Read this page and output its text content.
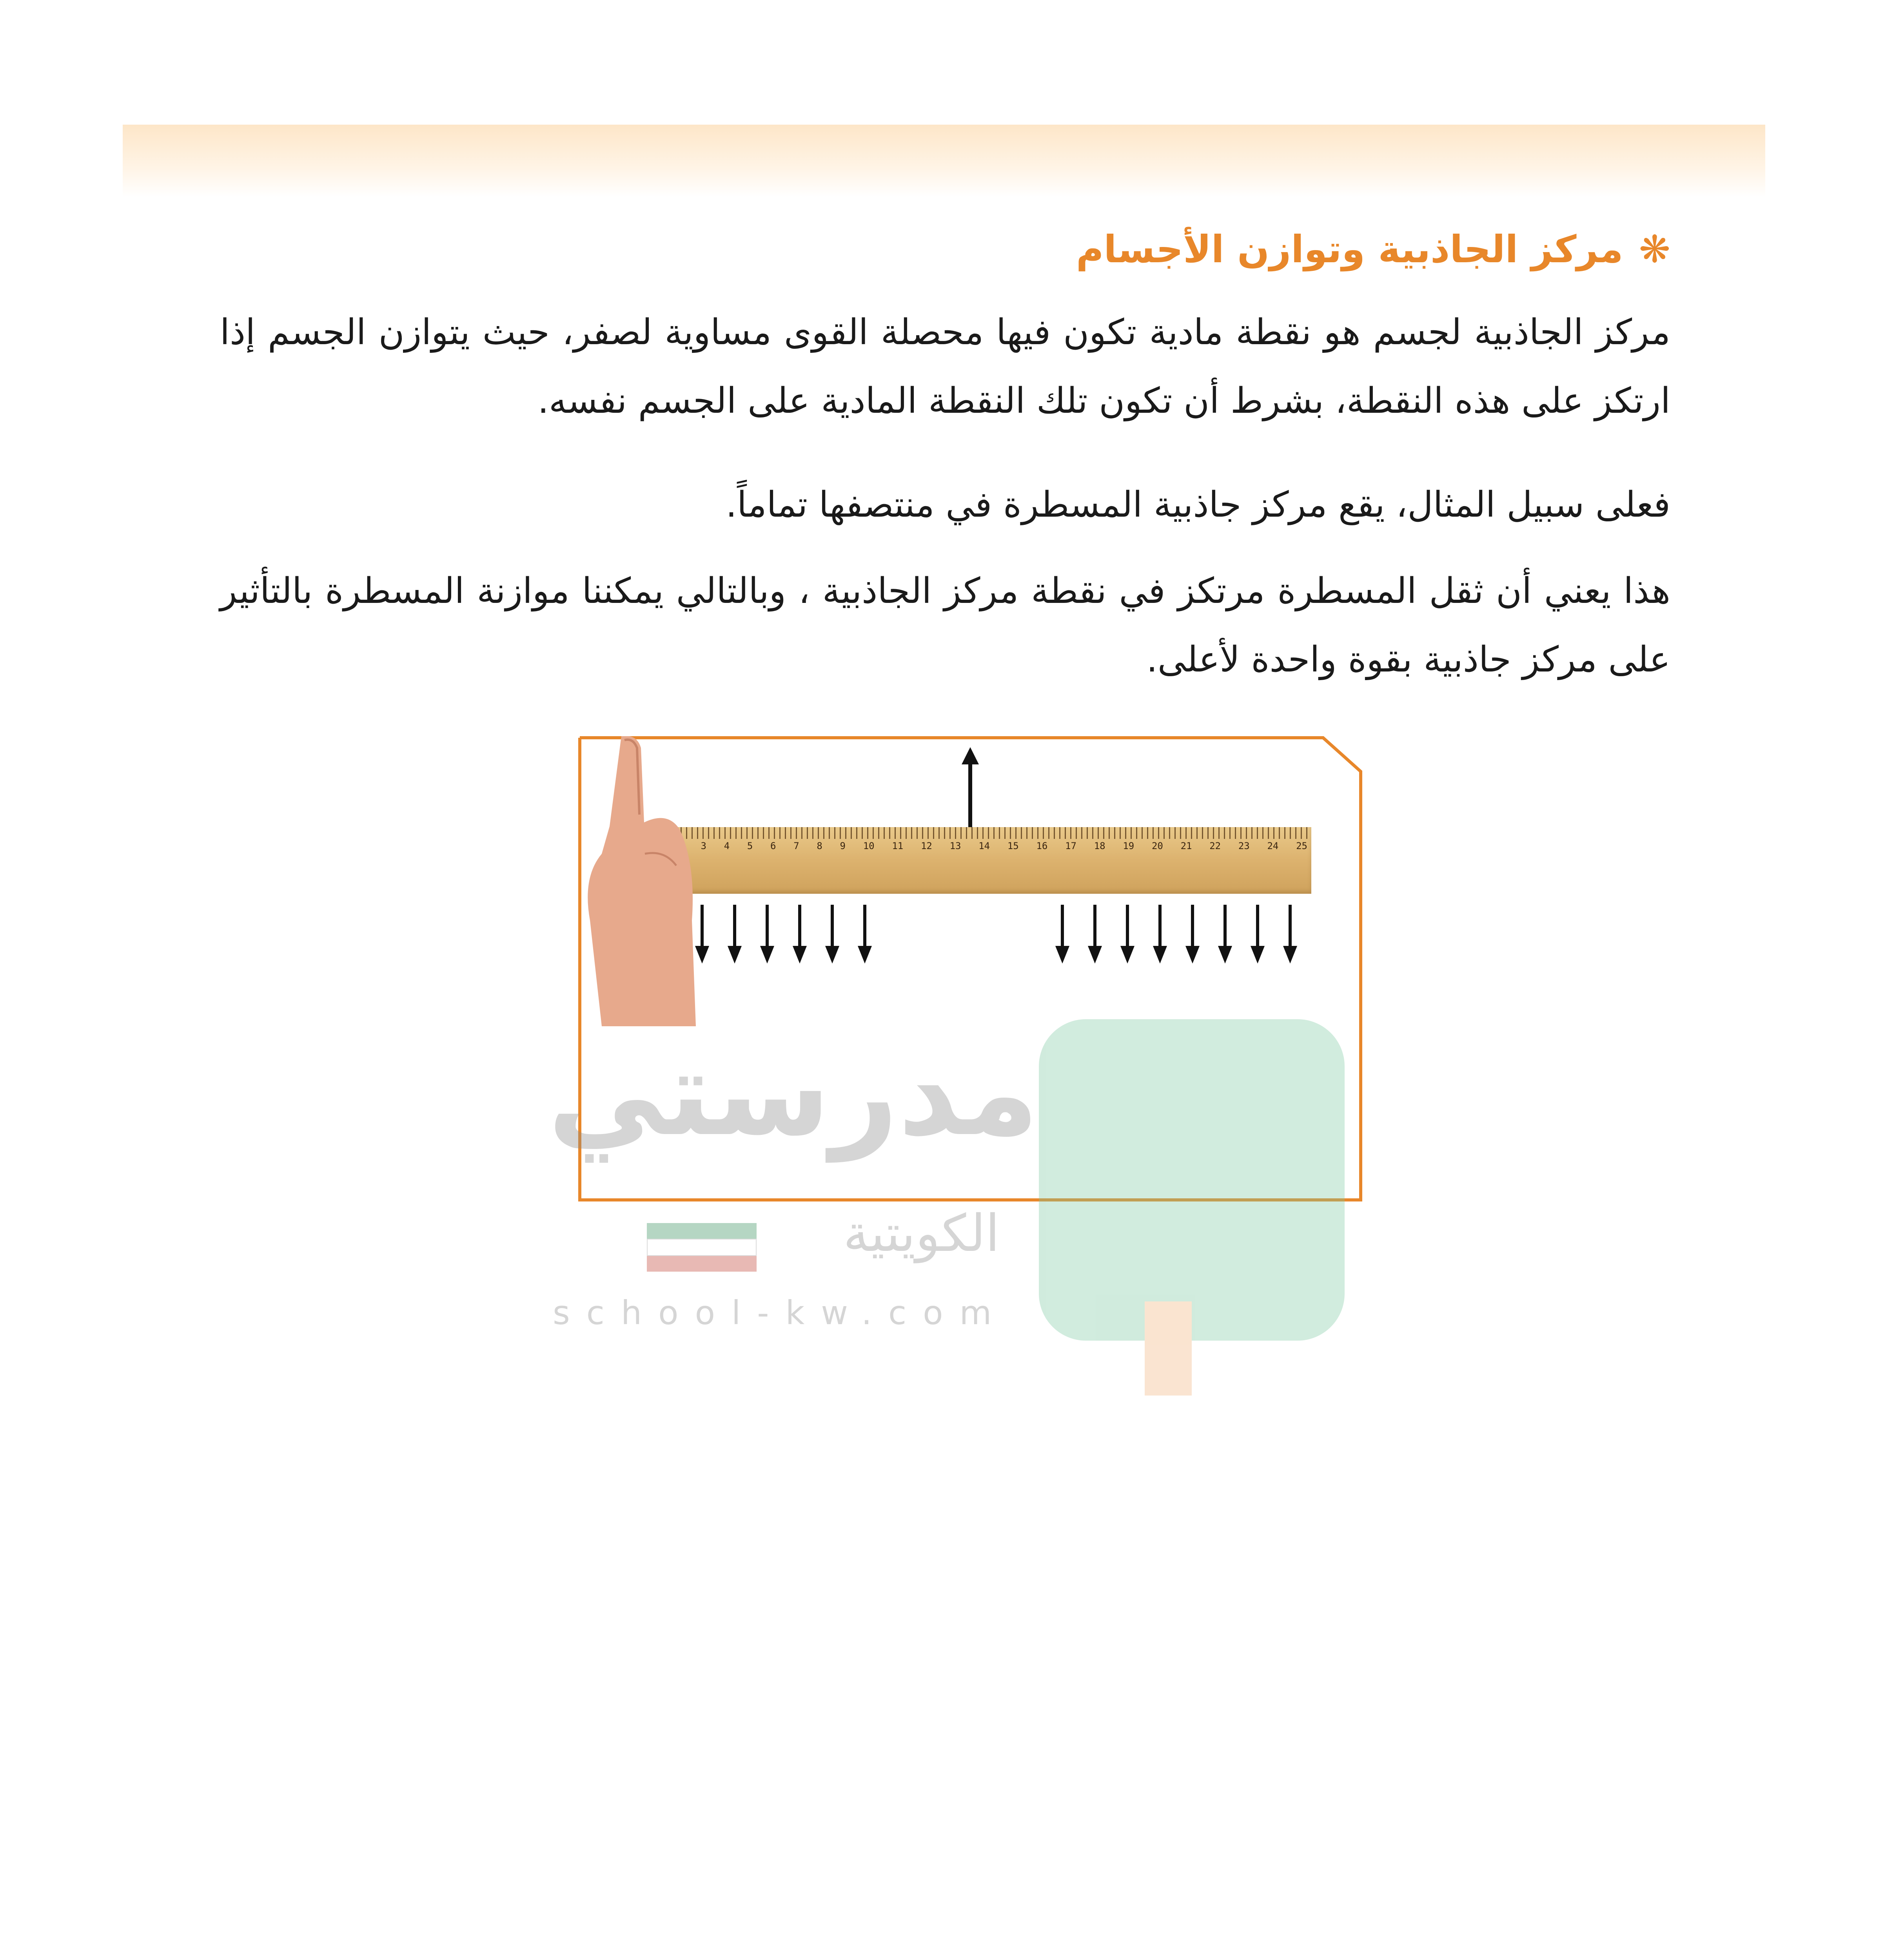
❋مركز الجاذبية وتوازن الأجسام
مركز الجاذبية لجسم هو نقطة مادية تكون فيها محصلة القوى مساوية لصفر، حيث يتوازن الجسم إذا ارتكز على هذه النقطة، بشرط أن تكون تلك النقطة المادية على الجسم نفسه.
فعلى سبيل المثال، يقع مركز جاذبية المسطرة في منتصفها تماماً.
هذا يعني أن ثقل المسطرة مرتكز في نقطة مركز الجاذبية ، وبالتالي يمكننا موازنة المسطرة بالتأثير على مركز جاذبية بقوة واحدة لأعلى.
3 4 5 6 7 8 9 10 11 12 13 14 15 16 17 18 19 20 21 22 23 24 25
مدرستي
الكويتية
school-kw.com
